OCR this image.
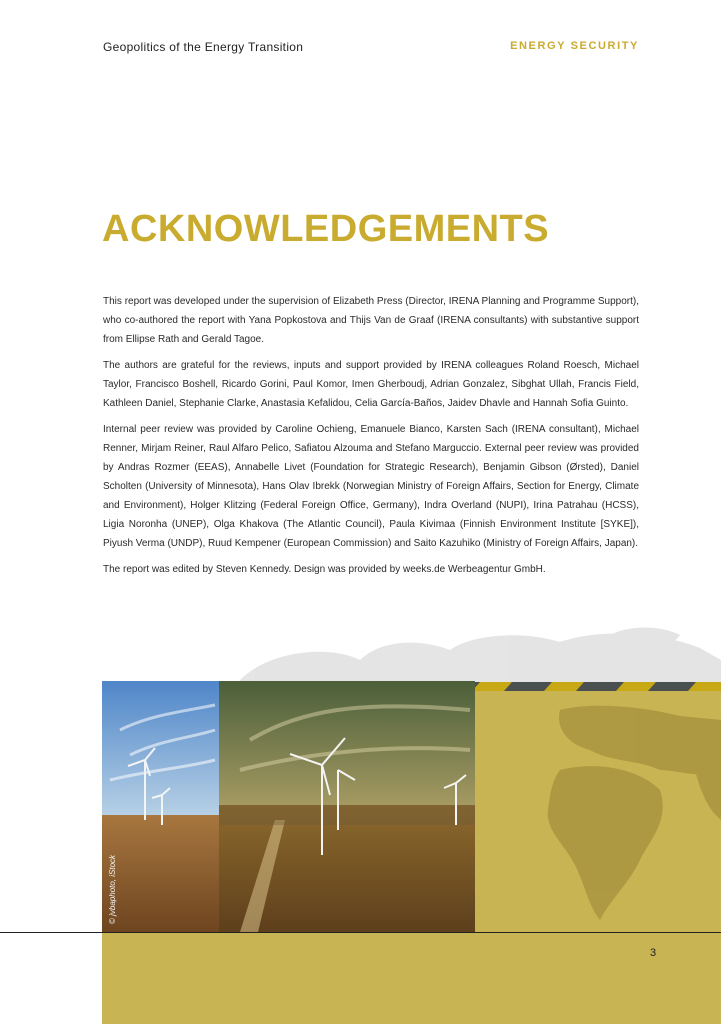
Geopolitics of the Energy Transition	ENERGY SECURITY
ACKNOWLEDGEMENTS

This report was developed under the supervision of Elizabeth Press (Director, IRENA Planning and Programme Support), who co-authored the report with Yana Popkostova and Thijs Van de Graaf (IRENA consultants) with substantive support from Ellipse Rath and Gerald Tagoe.

The authors are grateful for the reviews, inputs and support provided by IRENA colleagues Roland Roesch, Michael Taylor, Francisco Boshell, Ricardo Gorini, Paul Komor, Imen Gherboudj, Adrian Gonzalez, Sibghat Ullah, Francis Field, Kathleen Daniel, Stephanie Clarke, Anastasia Kefalidou, Celia García-Baños, Jaidev Dhavle and Hannah Sofia Guinto.

Internal peer review was provided by Caroline Ochieng, Emanuele Bianco, Karsten Sach (IRENA consultant), Michael Renner, Mirjam Reiner, Raul Alfaro Pelico, Safiatou Alzouma and Stefano Marguccio. External peer review was provided by Andras Rozmer (EEAS), Annabelle Livet (Foundation for Strategic Research), Benjamin Gibson (Ørsted), Daniel Scholten (University of Minnesota), Hans Olav Ibrekk (Norwegian Ministry of Foreign Affairs, Section for Energy, Climate and Environment), Holger Klitzing (Federal Foreign Office, Germany), Indra Overland (NUPI), Irina Patrahau (HCSS), Ligia Noronha (UNEP), Olga Khakova (The Atlantic Council), Paula Kivimaa (Finnish Environment Institute [SYKE]), Piyush Verma (UNDP), Ruud Kempener (European Commission) and Saito Kazuhiko (Ministry of Foreign Affairs, Japan).

The report was edited by Steven Kennedy. Design was provided by weeks.de Werbeagentur GmbH.

© jvbaphoto, iStock
3
